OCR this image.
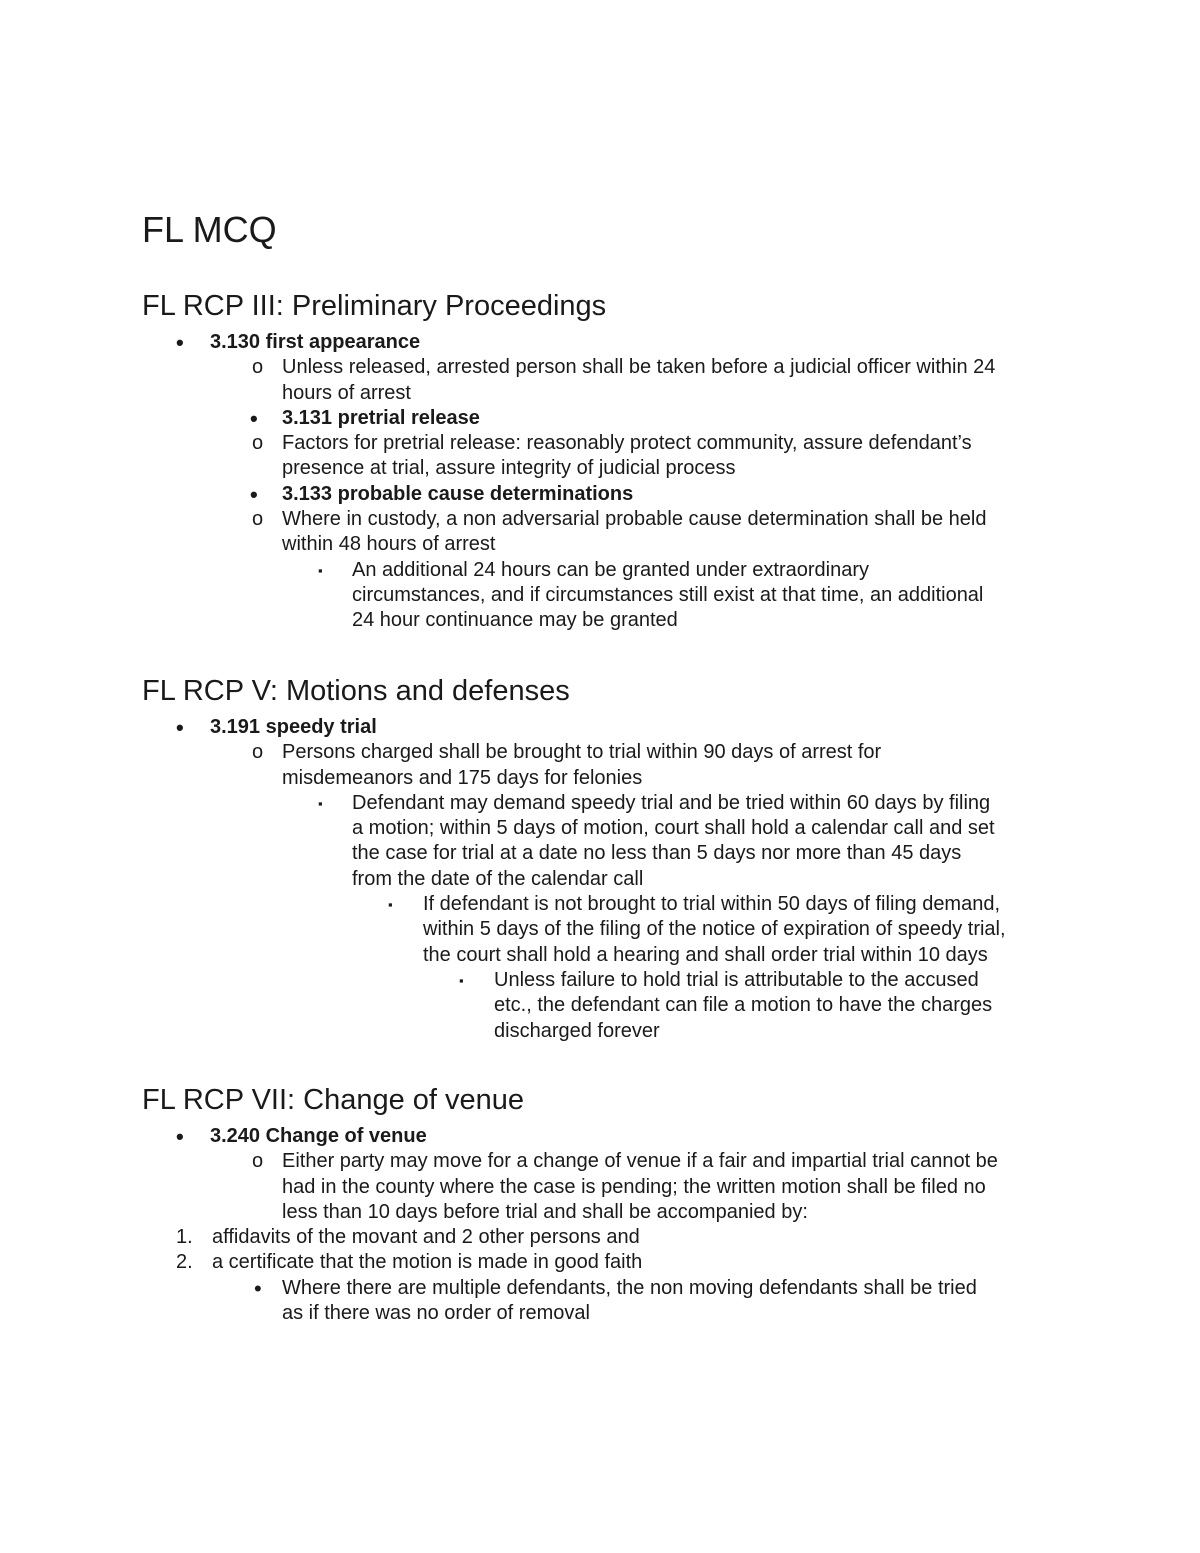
FL MCQ
FL RCP III: Preliminary Proceedings
• 3.130 first appearance
o Unless released, arrested person shall be taken before a judicial officer within 24
hours of arrest
• 3.131 pretrial release
o Factors for pretrial release: reasonably protect community, assure defendant’s
presence at trial, assure integrity of judicial process
• 3.133 probable cause determinations
o Where in custody, a non adversarial probable cause determination shall be held
within 48 hours of arrest
▪ An additional 24 hours can be granted under extraordinary
circumstances, and if circumstances still exist at that time, an additional
24 hour continuance may be granted
FL RCP V: Motions and defenses
• 3.191 speedy trial
o Persons charged shall be brought to trial within 90 days of arrest for
misdemeanors and 175 days for felonies
▪ Defendant may demand speedy trial and be tried within 60 days by filing
a motion; within 5 days of motion, court shall hold a calendar call and set
the case for trial at a date no less than 5 days nor more than 45 days
from the date of the calendar call
▪ If defendant is not brought to trial within 50 days of filing demand,
within 5 days of the filing of the notice of expiration of speedy trial,
the court shall hold a hearing and shall order trial within 10 days
▪ Unless failure to hold trial is attributable to the accused
etc., the defendant can file a motion to have the charges
discharged forever
FL RCP VII: Change of venue
• 3.240 Change of venue
o Either party may move for a change of venue if a fair and impartial trial cannot be
had in the county where the case is pending; the written motion shall be filed no
less than 10 days before trial and shall be accompanied by:
1. affidavits of the movant and 2 other persons and
2. a certificate that the motion is made in good faith
• Where there are multiple defendants, the non moving defendants shall be tried
as if there was no order of removal
